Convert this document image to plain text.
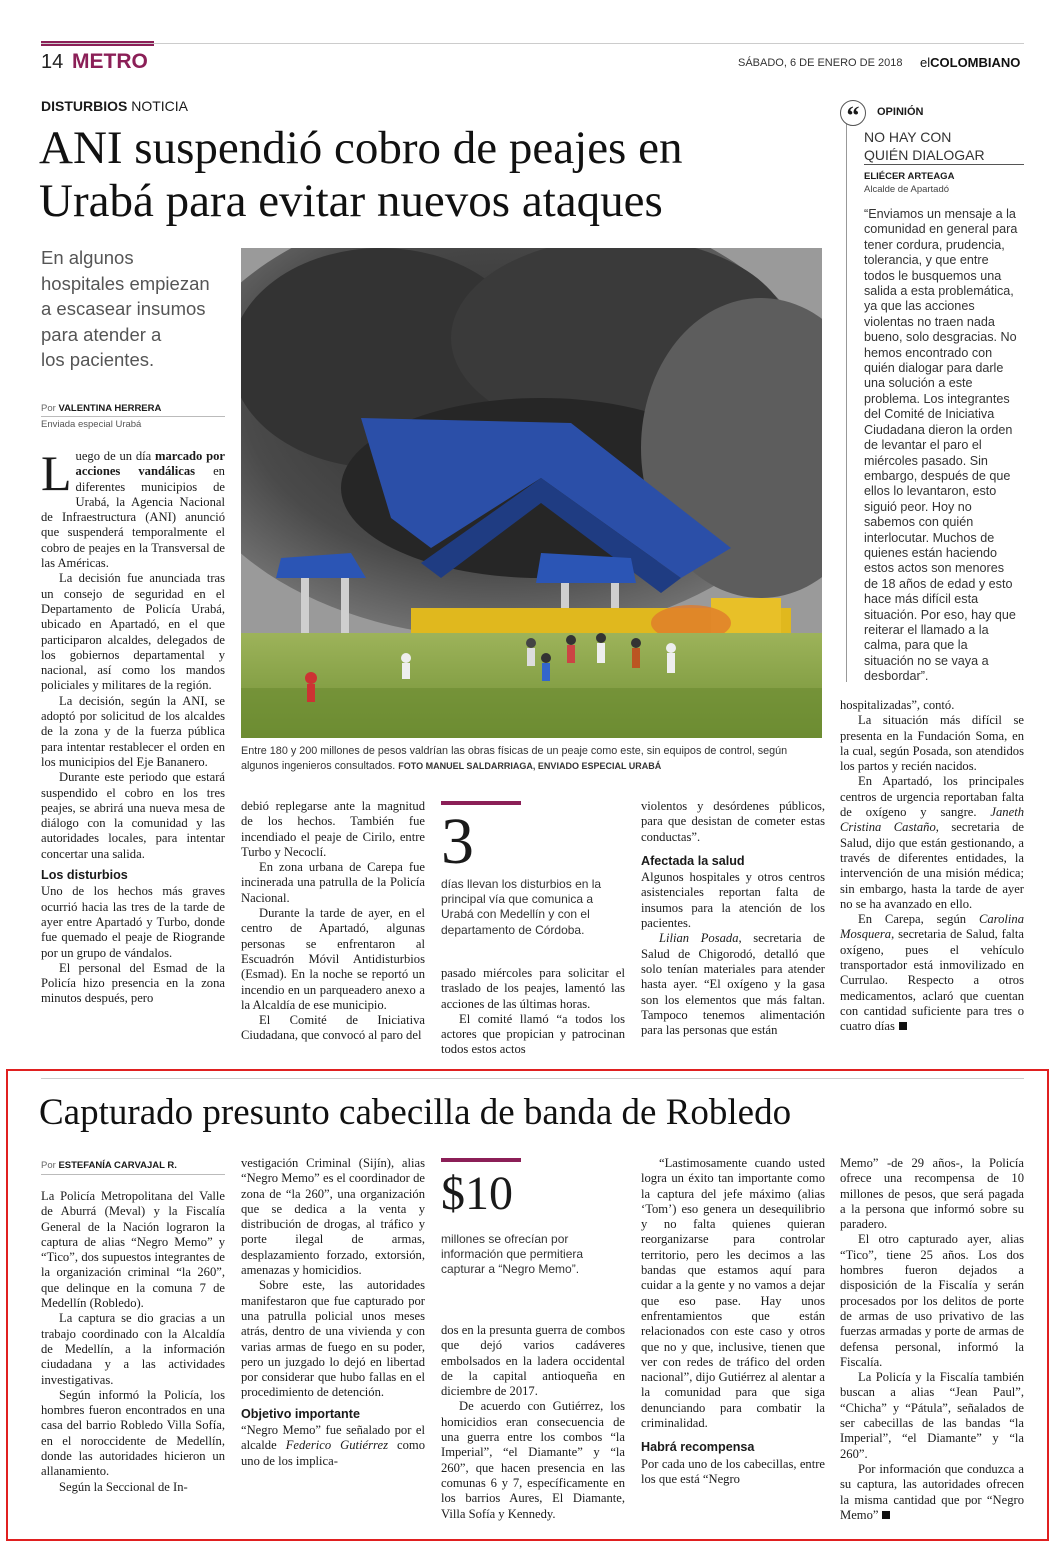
14 METRO	SÁBADO, 6 DE ENERO DE 2018 elCOLOMBIANO
DISTURBIOS NOTICIA
ANI suspendió cobro de peajes en
Urabá para evitar nuevos ataques
En algunos
hospitales empiezan
a escasear insumos
para atender a
los pacientes.
Por VALENTINA HERRERA
Enviada especial Urabá
Entre 180 y 200 millones de pesos valdrían las obras físicas de un peaje como este, sin equipos de control, según algunos ingenieros consultados. FOTO MANUEL SALDARRIAGA, ENVIADO ESPECIAL URABÁ

Luego de un día marcado por acciones vandálicas en diferentes municipios de Urabá, la Agencia Nacional de Infraestructura (ANI) anunció que suspenderá temporalmente el cobro de peajes en la Transversal de las Américas.

La decisión fue anunciada tras un consejo de seguridad en el Departamento de Policía Urabá, ubicado en Apartadó, en el que participaron alcaldes, delegados de los gobiernos departamental y nacional, así como los mandos policiales y militares de la región.

La decisión, según la ANI, se adoptó por solicitud de los alcaldes de la zona y de la fuerza pública para intentar restablecer el orden en los municipios del Eje Bananero.

Durante este periodo que estará suspendido el cobro en los tres peajes, se abrirá una nueva mesa de diálogo con la comunidad y las autoridades locales, para intentar concertar una salida.

Los disturbios

Uno de los hechos más graves ocurrió hacia las tres de la tarde de ayer entre Apartadó y Turbo, donde fue quemado el peaje de Riogrande por un grupo de vándalos.

El personal del Esmad de la Policía hizo presencia en la zona minutos después, pero

debió replegarse ante la magnitud de los hechos. También fue incendiado el peaje de Cirilo, entre Turbo y Necoclí.

En zona urbana de Carepa fue incinerada una patrulla de la Policía Nacional.

Durante la tarde de ayer, en el centro de Apartadó, algunas personas se enfrentaron al Escuadrón Móvil Antidisturbios (Esmad). En la noche se reportó un incendio en un parqueadero anexo a la Alcaldía de ese municipio.

El Comité de Iniciativa Ciudadana, que convocó al paro del

3
días llevan los disturbios en la principal vía que comunica a Urabá con Medellín y con el departamento de Córdoba.

pasado miércoles para solicitar el traslado de los peajes, lamentó las acciones de las últimas horas.

El comité llamó “a todos los actores que propician y patrocinan todos estos actos

violentos y desórdenes públicos, para que desistan de cometer estas conductas”.

Afectada la salud

Algunos hospitales y otros centros asistenciales reportan falta de insumos para la atención de los pacientes.

Lilian Posada, secretaria de Salud de Chigorodó, detalló que solo tenían materiales para atender hasta ayer. “El oxígeno y la gasa son los elementos que más faltan. Tampoco tenemos alimentación para las personas que están

hospitalizadas”, contó.

La situación más difícil se presenta en la Fundación Soma, en la cual, según Posada, son atendidos los partos y recién nacidos.

En Apartadó, los principales centros de urgencia reportaban falta de oxígeno y sangre. Janeth Cristina Castaño, secretaria de Salud, dijo que están gestionando, a través de diferentes entidades, la intervención de una misión médica; sin embargo, hasta la tarde de ayer no se ha avanzado en ello.

En Carepa, según Carolina Mosquera, secretaria de Salud, falta oxígeno, pues el vehículo transportador está inmovilizado en Currulao. Respecto a otros medicamentos, aclaró que cuentan con cantidad suficiente para tres o cuatro días

“	OPINIÓN
NO HAY CON
QUIÉN DIALOGAR
ELIÉCER ARTEAGA
Alcalde de Apartadó
“Enviamos un mensaje a la comunidad en general para tener cordura, prudencia, tolerancia, y que entre todos le busquemos una salida a esta problemática, ya que las acciones violentas no traen nada bueno, solo desgracias. No hemos encontrado con quién dialogar para darle una solución a este problema. Los integrantes del Comité de Iniciativa Ciudadana dieron la orden de levantar el paro el miércoles pasado. Sin embargo, después de que ellos lo levantaron, esto siguió peor. Hoy no sabemos con quién interlocutar. Muchos de quienes están haciendo estos actos son menores de 18 años de edad y esto hace más difícil esta situación. Por eso, hay que reiterar el llamado a la calma, para que la situación no se vaya a desbordar”.
Capturado presunto cabecilla de banda de Robledo
Por ESTEFANÍA CARVAJAL R.

La Policía Metropolitana del Valle de Aburrá (Meval) y la Fiscalía General de la Nación lograron la captura de alias “Negro Memo” y “Tico”, dos supuestos integrantes de la organización criminal “la 260”, que delinque en la comuna 7 de Medellín (Robledo).

La captura se dio gracias a un trabajo coordinado con la Alcaldía de Medellín, a la información ciudadana y a las actividades investigativas.

Según informó la Policía, los hombres fueron encontrados en una casa del barrio Robledo Villa Sofía, en el noroccidente de Medellín, donde las autoridades hicieron un allanamiento.

Según la Seccional de In-

vestigación Criminal (Sijín), alias “Negro Memo” es el coordinador de zona de “la 260”, una organización que se dedica a la venta y distribución de drogas, al tráfico y porte ilegal de armas, desplazamiento forzado, extorsión, amenazas y homicidios.

Sobre este, las autoridades manifestaron que fue capturado por una patrulla policial unos meses atrás, dentro de una vivienda y con varias armas de fuego en su poder, pero un juzgado lo dejó en libertad por considerar que hubo fallas en el procedimiento de detención.

Objetivo importante

“Negro Memo” fue señalado por el alcalde Federico Gutiérrez como uno de los implica-

$10
millones se ofrecían por información que permitiera capturar a “Negro Memo”.

dos en la presunta guerra de combos que dejó varios cadáveres embolsados en la ladera occidental de la capital antioqueña en diciembre de 2017.

De acuerdo con Gutiérrez, los homicidios eran consecuencia de una guerra entre los combos “la Imperial”, “el Diamante” y “la 260”, que hacen presencia en las comunas 6 y 7, específicamente en los barrios Aures, El Diamante, Villa Sofía y Kennedy.

“Lastimosamente cuando usted logra un éxito tan importante como la captura del jefe máximo (alias ‘Tom’) eso genera un desequilibrio y no falta quienes quieran reorganizarse para controlar territorio, pero les decimos a las bandas que estamos aquí para cuidar a la gente y no vamos a dejar que eso pase. Hay unos enfrentamientos que están relacionados con este caso y otros que no y que, inclusive, tienen que ver con redes de tráfico del orden nacional”, dijo Gutiérrez al alentar a la comunidad para que siga denunciando para combatir la criminalidad.

Habrá recompensa

Por cada uno de los cabecillas, entre los que está “Negro

Memo” -de 29 años-, la Policía ofrece una recompensa de 10 millones de pesos, que será pagada a la persona que informó sobre su paradero.

El otro capturado ayer, alias “Tico”, tiene 25 años. Los dos hombres fueron dejados a disposición de la Fiscalía y serán procesados por los delitos de porte de armas de uso privativo de las fuerzas armadas y porte de armas de defensa personal, informó la Fiscalía.

La Policía y la Fiscalía también buscan a alias “Jean Paul”, “Chicha” y “Pátula”, señalados de ser cabecillas de las bandas “la Imperial”, “el Diamante” y “la 260”.

Por información que conduzca a su captura, las autoridades ofrecen la misma cantidad que por “Negro Memo”
